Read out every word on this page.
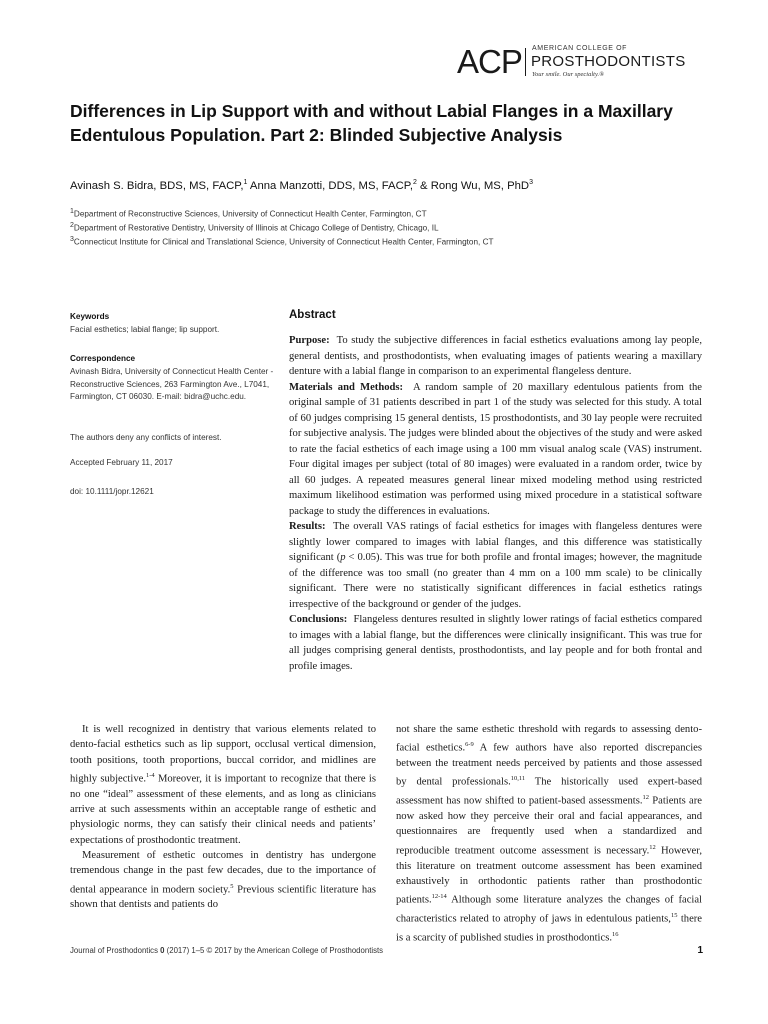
ACP AMERICAN COLLEGE OF
PROSTHODONTISTS
Your smile. Our specialty.®
Differences in Lip Support with and without Labial Flanges in a Maxillary Edentulous Population. Part 2: Blinded Subjective Analysis
Avinash S. Bidra, BDS, MS, FACP,$^1$ Anna Manzotti, DDS, MS, FACP,$^2$ & Rong Wu, MS, PhD$^3$
$^1$Department of Reconstructive Sciences, University of Connecticut Health Center, Farmington, CT
$^2$Department of Restorative Dentistry, University of Illinois at Chicago College of Dentistry, Chicago, IL
$^3$Connecticut Institute for Clinical and Translational Science, University of Connecticut Health Center, Farmington, CT
Keywords
Facial esthetics; labial flange; lip support.
Correspondence
Avinash Bidra, University of Connecticut Health Center - Reconstructive Sciences, 263 Farmington Ave., L7041, Farmington, CT 06030. E-mail: bidra@uchc.edu.
The authors deny any conflicts of interest.
Accepted February 11, 2017
doi: 10.1111/jopr.12621
Abstract

Purpose: To study the subjective differences in facial esthetics evaluations among lay people, general dentists, and prosthodontists, when evaluating images of patients wearing a maxillary denture with a labial flange in comparison to an experimental flangeless denture.

Materials and Methods: A random sample of 20 maxillary edentulous patients from the original sample of 31 patients described in part 1 of the study was selected for this study. A total of 60 judges comprising 15 general dentists, 15 prosthodontists, and 30 lay people were recruited for subjective analysis. The judges were blinded about the objectives of the study and were asked to rate the facial esthetics of each image using a 100 mm visual analog scale (VAS) instrument. Four digital images per subject (total of 80 images) were evaluated in a random order, twice by all 60 judges. A repeated measures general linear mixed modeling method using restricted maximum likelihood estimation was performed using mixed procedure in a statistical software package to study the differences in evaluations.

Results: The overall VAS ratings of facial esthetics for images with flangeless dentures were slightly lower compared to images with labial flanges, and this difference was statistically significant (p < 0.05). This was true for both profile and frontal images; however, the magnitude of the difference was too small (no greater than 4 mm on a 100 mm scale) to be clinically significant. There were no statistically significant differences in facial esthetics ratings irrespective of the background or gender of the judges.

Conclusions: Flangeless dentures resulted in slightly lower ratings of facial esthetics compared to images with a labial flange, but the differences were clinically insignificant. This was true for all judges comprising general dentists, prosthodontists, and lay people and for both frontal and profile images.

It is well recognized in dentistry that various elements related to dento-facial esthetics such as lip support, occlusal vertical dimension, tooth positions, tooth proportions, buccal corridor, and midlines are highly subjective.$^{1-4}$ Moreover, it is important to recognize that there is no one “ideal” assessment of these elements, and as long as clinicians arrive at such assessments within an acceptable range of esthetic and physiologic norms, they can satisfy their clinical needs and patients’ expectations of prosthodontic treatment.

Measurement of esthetic outcomes in dentistry has undergone tremendous change in the past few decades, due to the importance of dental appearance in modern society.$^5$ Previous scientific literature has shown that dentists and patients do

not share the same esthetic threshold with regards to assessing dento-facial esthetics.$^{6-9}$ A few authors have also reported discrepancies between the treatment needs perceived by patients and those assessed by dental professionals.$^{10,11}$ The historically used expert-based assessment has now shifted to patient-based assessments.$^{12}$ Patients are now asked how they perceive their oral and facial appearances, and questionnaires are frequently used when a standardized and reproducible treatment outcome assessment is necessary.$^{12}$ However, this literature on treatment outcome assessment has been examined exhaustively in orthodontic patients rather than prosthodontic patients.$^{12-14}$ Although some literature analyzes the changes of facial characteristics related to atrophy of jaws in edentulous patients,$^{15}$ there is a scarcity of published studies in prosthodontics.$^{16}$

Journal of Prosthodontics 0 (2017) 1–5 © 2017 by the American College of Prosthodontists	1
